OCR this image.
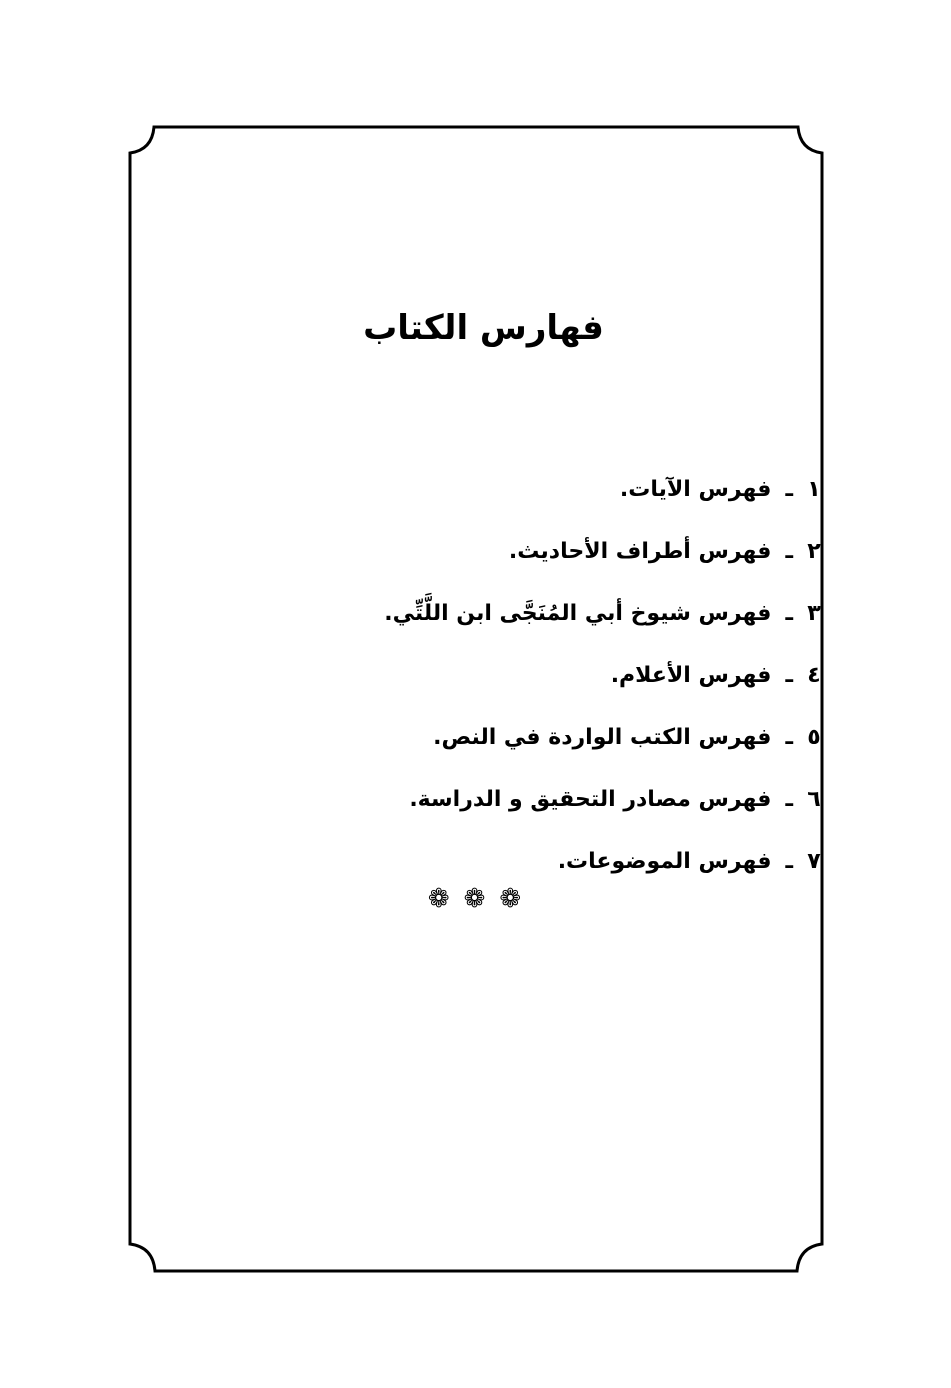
فهارس الكتاب
١
ـ
فهرس الآيات.
٢
ـ
فهرس أطراف الأحاديث.
٣
ـ
فهرس شيوخ أبي المُنَجَّى ابن اللَّتِّي.
٤
ـ
فهرس الأعلام.
٥
ـ
فهرس الكتب الواردة في النص.
٦
ـ
فهرس مصادر التحقيق و الدراسة.
٧
ـ
فهرس الموضوعات.
❁❁❁
